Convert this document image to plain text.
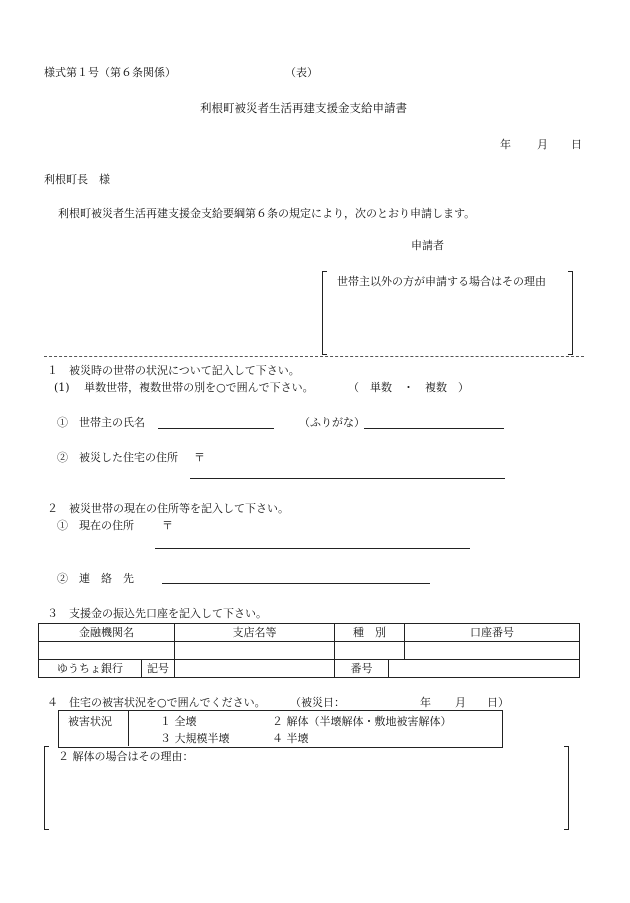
様式第１号（第６条関係）	（表）
利根町被災者生活再建支援金支給申請書
年 月 日
利根町長　様
利根町被災者生活再建支援金支給要綱第６条の規定により，次のとおり申請します。
申請者
世帯主以外の方が申請する場合はその理由
１　被災時の世帯の状況について記入して下さい。
(1)　 単数世帯，複数世帯の別を○で囲んで下さい。	（　単数　・　複数　）
①　世帯主の氏名	（ふりがな）
②　被災した住宅の住所 〒
２　被災世帯の現在の住所等を記入して下さい。
①　現在の住所	〒
②　連　絡　先
３　支援金の振込先口座を記入して下さい。
金融機関名		支店名等	種　別		口座番号

ゆうちょ銀行	記号		番号		
４　住宅の被害状況を○で囲んでください。 （被災日：	年 月 日）
被害状況	１ 全壊	２ 解体（半壊解体・敷地被害解体）
３ 大規模半壊	４ 半壊
２ 解体の場合はその理由：
